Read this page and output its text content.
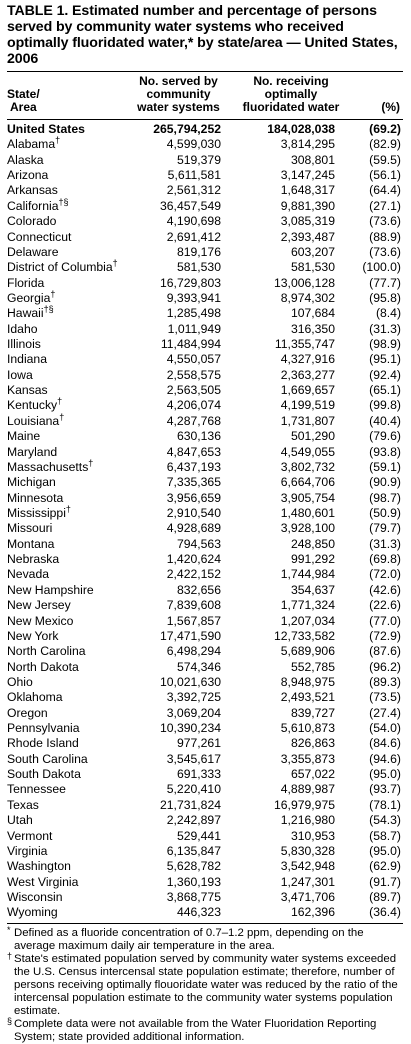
TABLE 1. Estimated number and percentage of persons served by community water systems who received optimally fluoridated water,* by state/area — United States, 2006
State/
Area
No. served by
community
water systems
No. receiving
optimally
fluoridated water	(%)
United States	265,794,252	184,028,038	(69.2)
Alabama†	4,599,030	3,814,295	(82.9)
Alaska	519,379	308,801	(59.5)
Arizona	5,611,581	3,147,245	(56.1)
Arkansas	2,561,312	1,648,317	(64.4)
California†§	36,457,549	9,881,390	(27.1)
Colorado	4,190,698	3,085,319	(73.6)
Connecticut	2,691,412	2,393,487	(88.9)
Delaware	819,176	603,207	(73.6)
District of Columbia†	581,530	581,530 (100.0)
Florida	16,729,803	13,006,128	(77.7)
Georgia†	9,393,941	8,974,302	(95.8)
Hawaii†§	1,285,498	107,684	(8.4)
Idaho	1,011,949	316,350	(31.3)
Illinois	11,484,994	11,355,747	(98.9)
Indiana	4,550,057	4,327,916	(95.1)
Iowa	2,558,575	2,363,277	(92.4)
Kansas	2,563,505	1,669,657	(65.1)
Kentucky†	4,206,074	4,199,519	(99.8)
Louisiana†	4,287,768	1,731,807	(40.4)
Maine	630,136	501,290	(79.6)
Maryland	4,847,653	4,549,055	(93.8)
Massachusetts†	6,437,193	3,802,732	(59.1)
Michigan	7,335,365	6,664,706	(90.9)
Minnesota	3,956,659	3,905,754	(98.7)
Mississippi†	2,910,540	1,480,601	(50.9)
Missouri	4,928,689	3,928,100	(79.7)
Montana	794,563	248,850	(31.3)
Nebraska	1,420,624	991,292	(69.8)
Nevada	2,422,152	1,744,984	(72.0)
New Hampshire	832,656	354,637	(42.6)
New Jersey	7,839,608	1,771,324	(22.6)
New Mexico	1,567,857	1,207,034	(77.0)
New York	17,471,590	12,733,582	(72.9)
North Carolina	6,498,294	5,689,906	(87.6)
North Dakota	574,346	552,785	(96.2)
Ohio	10,021,630	8,948,975	(89.3)
Oklahoma	3,392,725	2,493,521	(73.5)
Oregon	3,069,204	839,727	(27.4)
Pennsylvania	10,390,234	5,610,873	(54.0)
Rhode Island	977,261	826,863	(84.6)
South Carolina	3,545,617	3,355,873	(94.6)
South Dakota	691,333	657,022	(95.0)
Tennessee	5,220,410	4,889,987	(93.7)
Texas	21,731,824	16,979,975	(78.1)
Utah	2,242,897	1,216,980	(54.3)
Vermont	529,441	310,953	(58.7)
Virginia	6,135,847	5,830,328	(95.0)
Washington	5,628,782	3,542,948	(62.9)
West Virginia	1,360,193	1,247,301	(91.7)
Wisconsin	3,868,775	3,471,706	(89.7)
Wyoming	446,323	162,396	(36.4)
* Defined as a fluoride concentration of 0.7–1.2 ppm, depending on the average maximum daily air temperature in the area.
† State's estimated population served by community water systems exceeded the U.S. Census intercensal state population estimate; therefore, number of persons receiving optimally flouoridate water was reduced by the ratio of the intercensal population estimate to the community water systems population estimate.
§ Complete data were not available from the Water Fluoridation Reporting System; state provided additional information.
